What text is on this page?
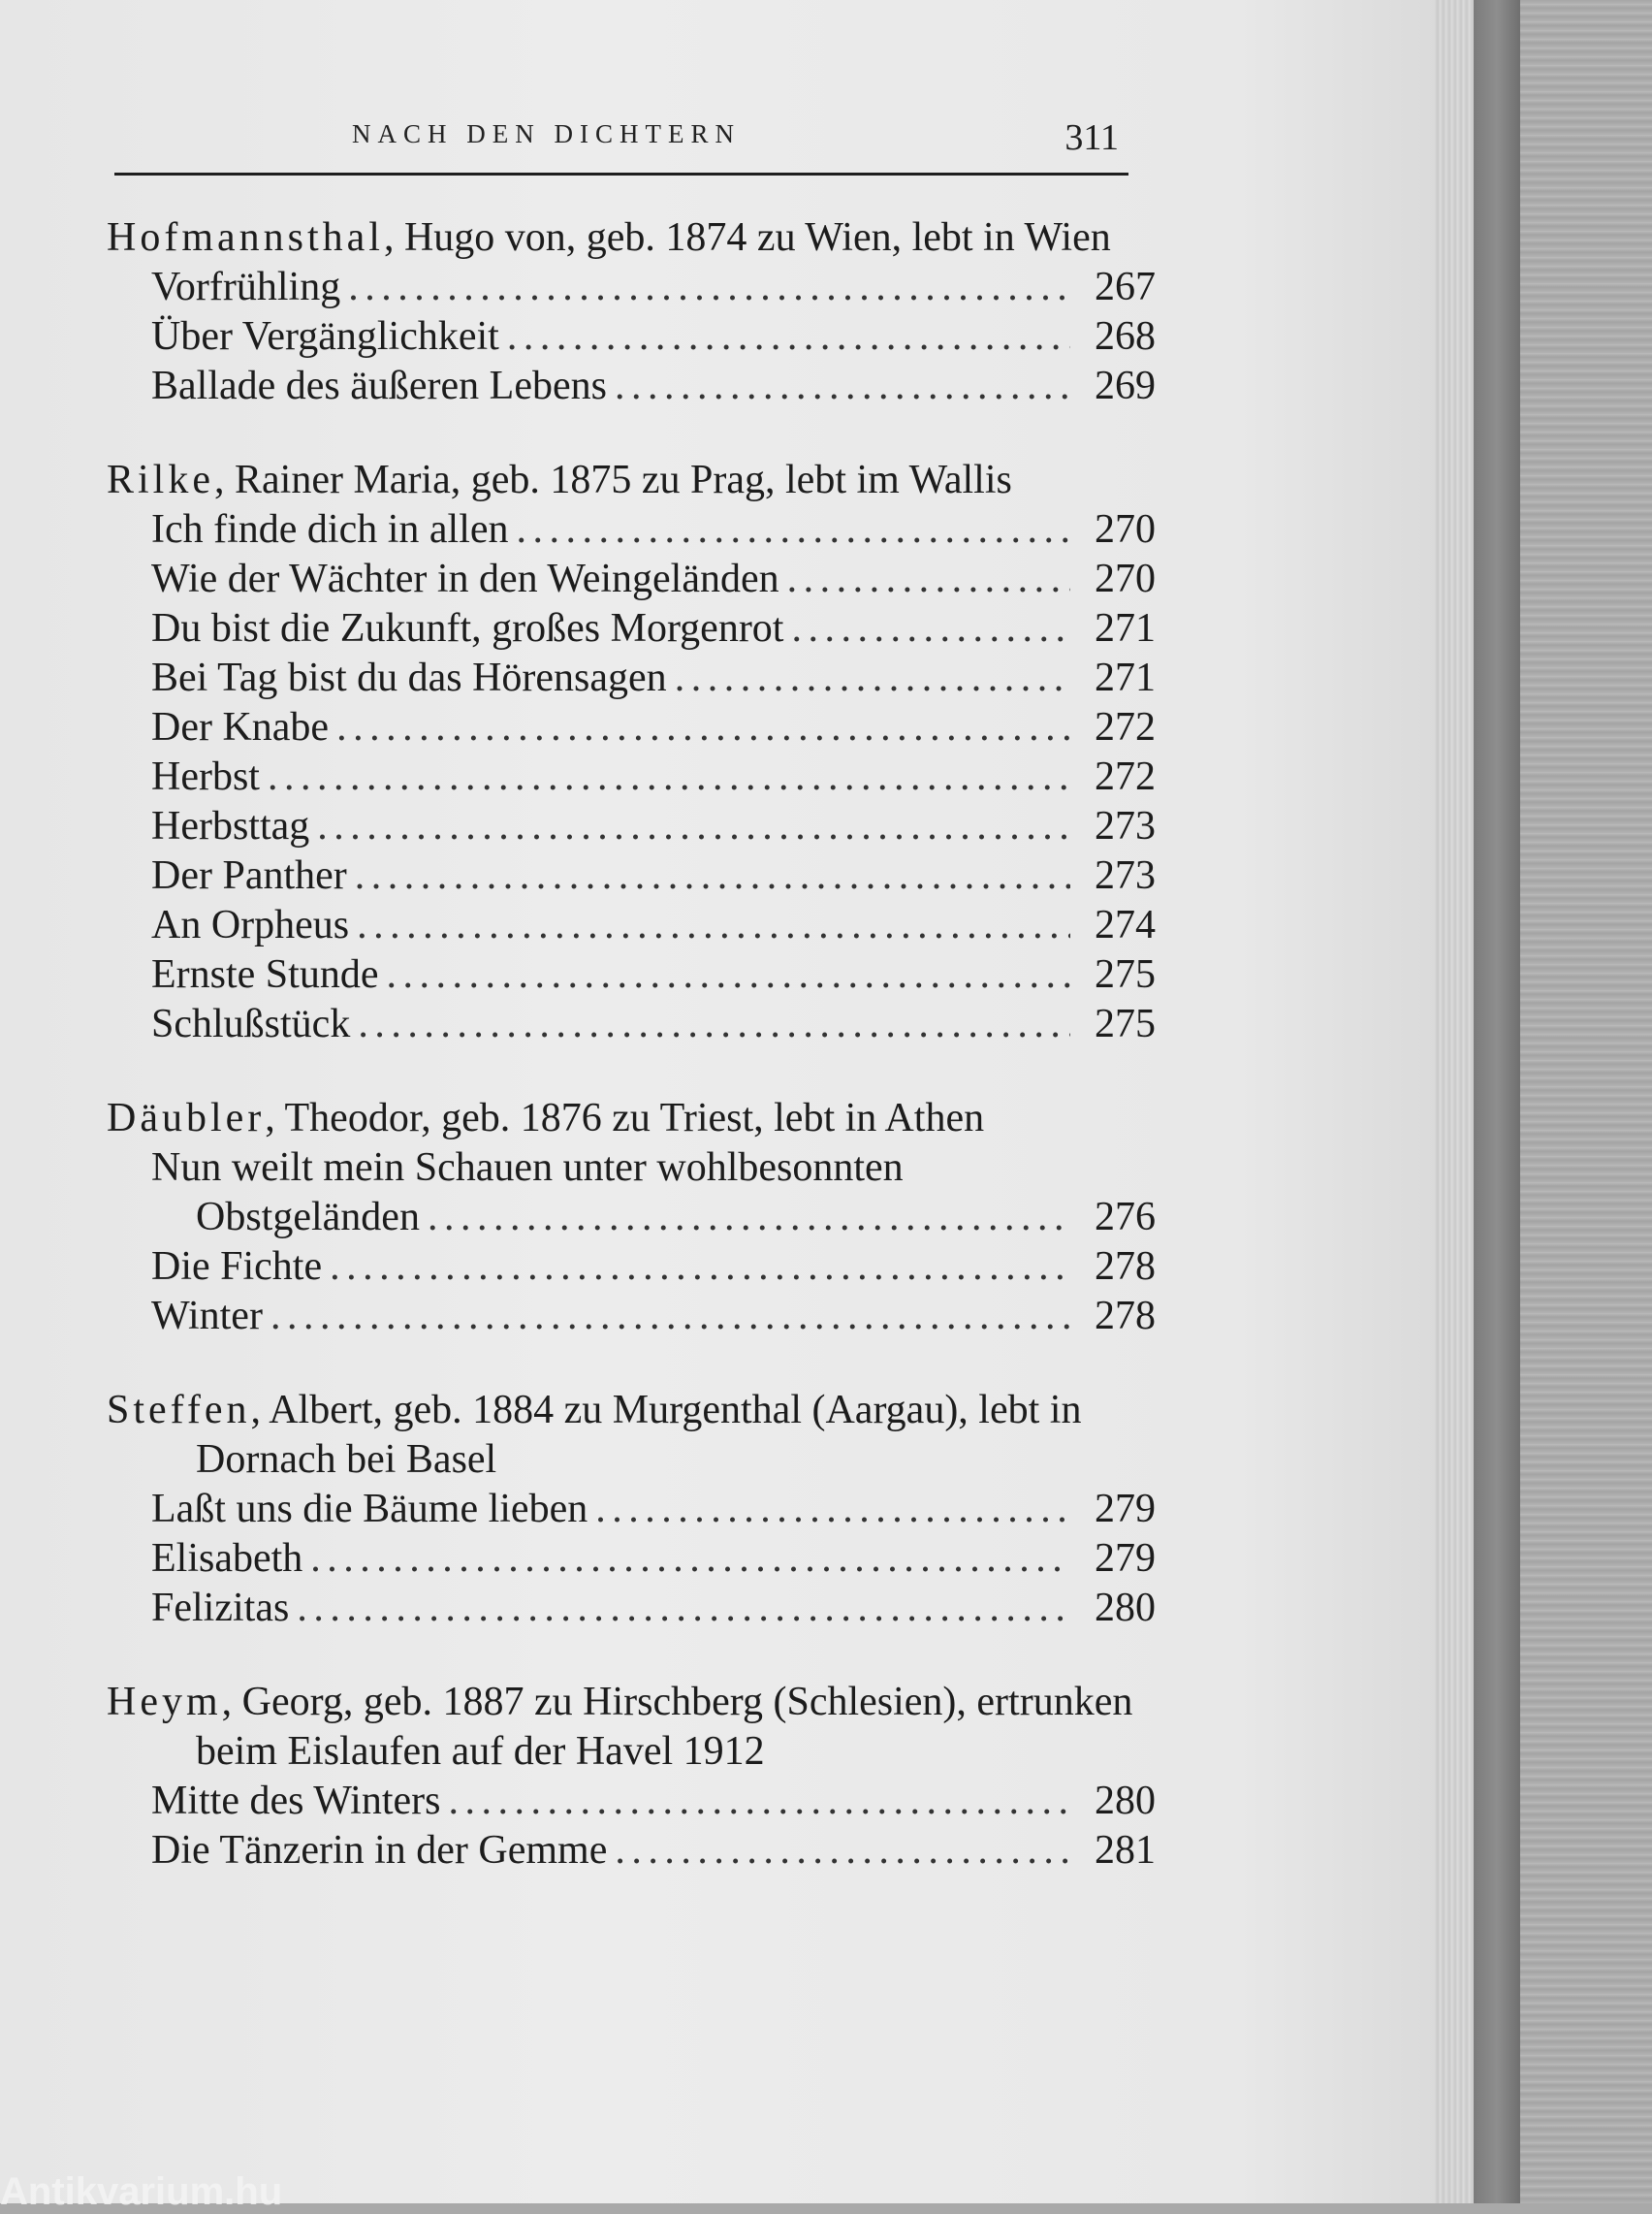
NACH DEN DICHTERN	311
Hofmannsthal, Hugo von, geb. 1874 zu Wien, lebt in Wien
Vorfrühling . . .	267
Über Vergänglichkeit . . .	268
Ballade des äußeren Lebens . . .	269
Rilke, Rainer Maria, geb. 1875 zu Prag, lebt im Wallis
Ich finde dich in allen . . .	270
Wie der Wächter in den Weingeländen . . .	270
Du bist die Zukunft, großes Morgenrot . . .	271
Bei Tag bist du das Hörensagen . . .	271
Der Knabe . . .	272
Herbst . . .	272
Herbsttag . . .	273
Der Panther . . .	273
An Orpheus . . .	274
Ernste Stunde . . .	275
Schlußstück . . .	275
Däubler, Theodor, geb. 1876 zu Triest, lebt in Athen
Nun weilt mein Schauen unter wohlbesonnten
Obstgeländen . . .	276
Die Fichte . . .	278
Winter . . .	278
Steffen, Albert, geb. 1884 zu Murgenthal (Aargau), lebt in Dornach bei Basel
Laßt uns die Bäume lieben . . .	279
Elisabeth . . .	279
Felizitas . . .	280
Heym, Georg, geb. 1887 zu Hirschberg (Schlesien), ertrunken beim Eislaufen auf der Havel 1912
Mitte des Winters . . .	280
Die Tänzerin in der Gemme . . .	281
Antikvarium.hu
